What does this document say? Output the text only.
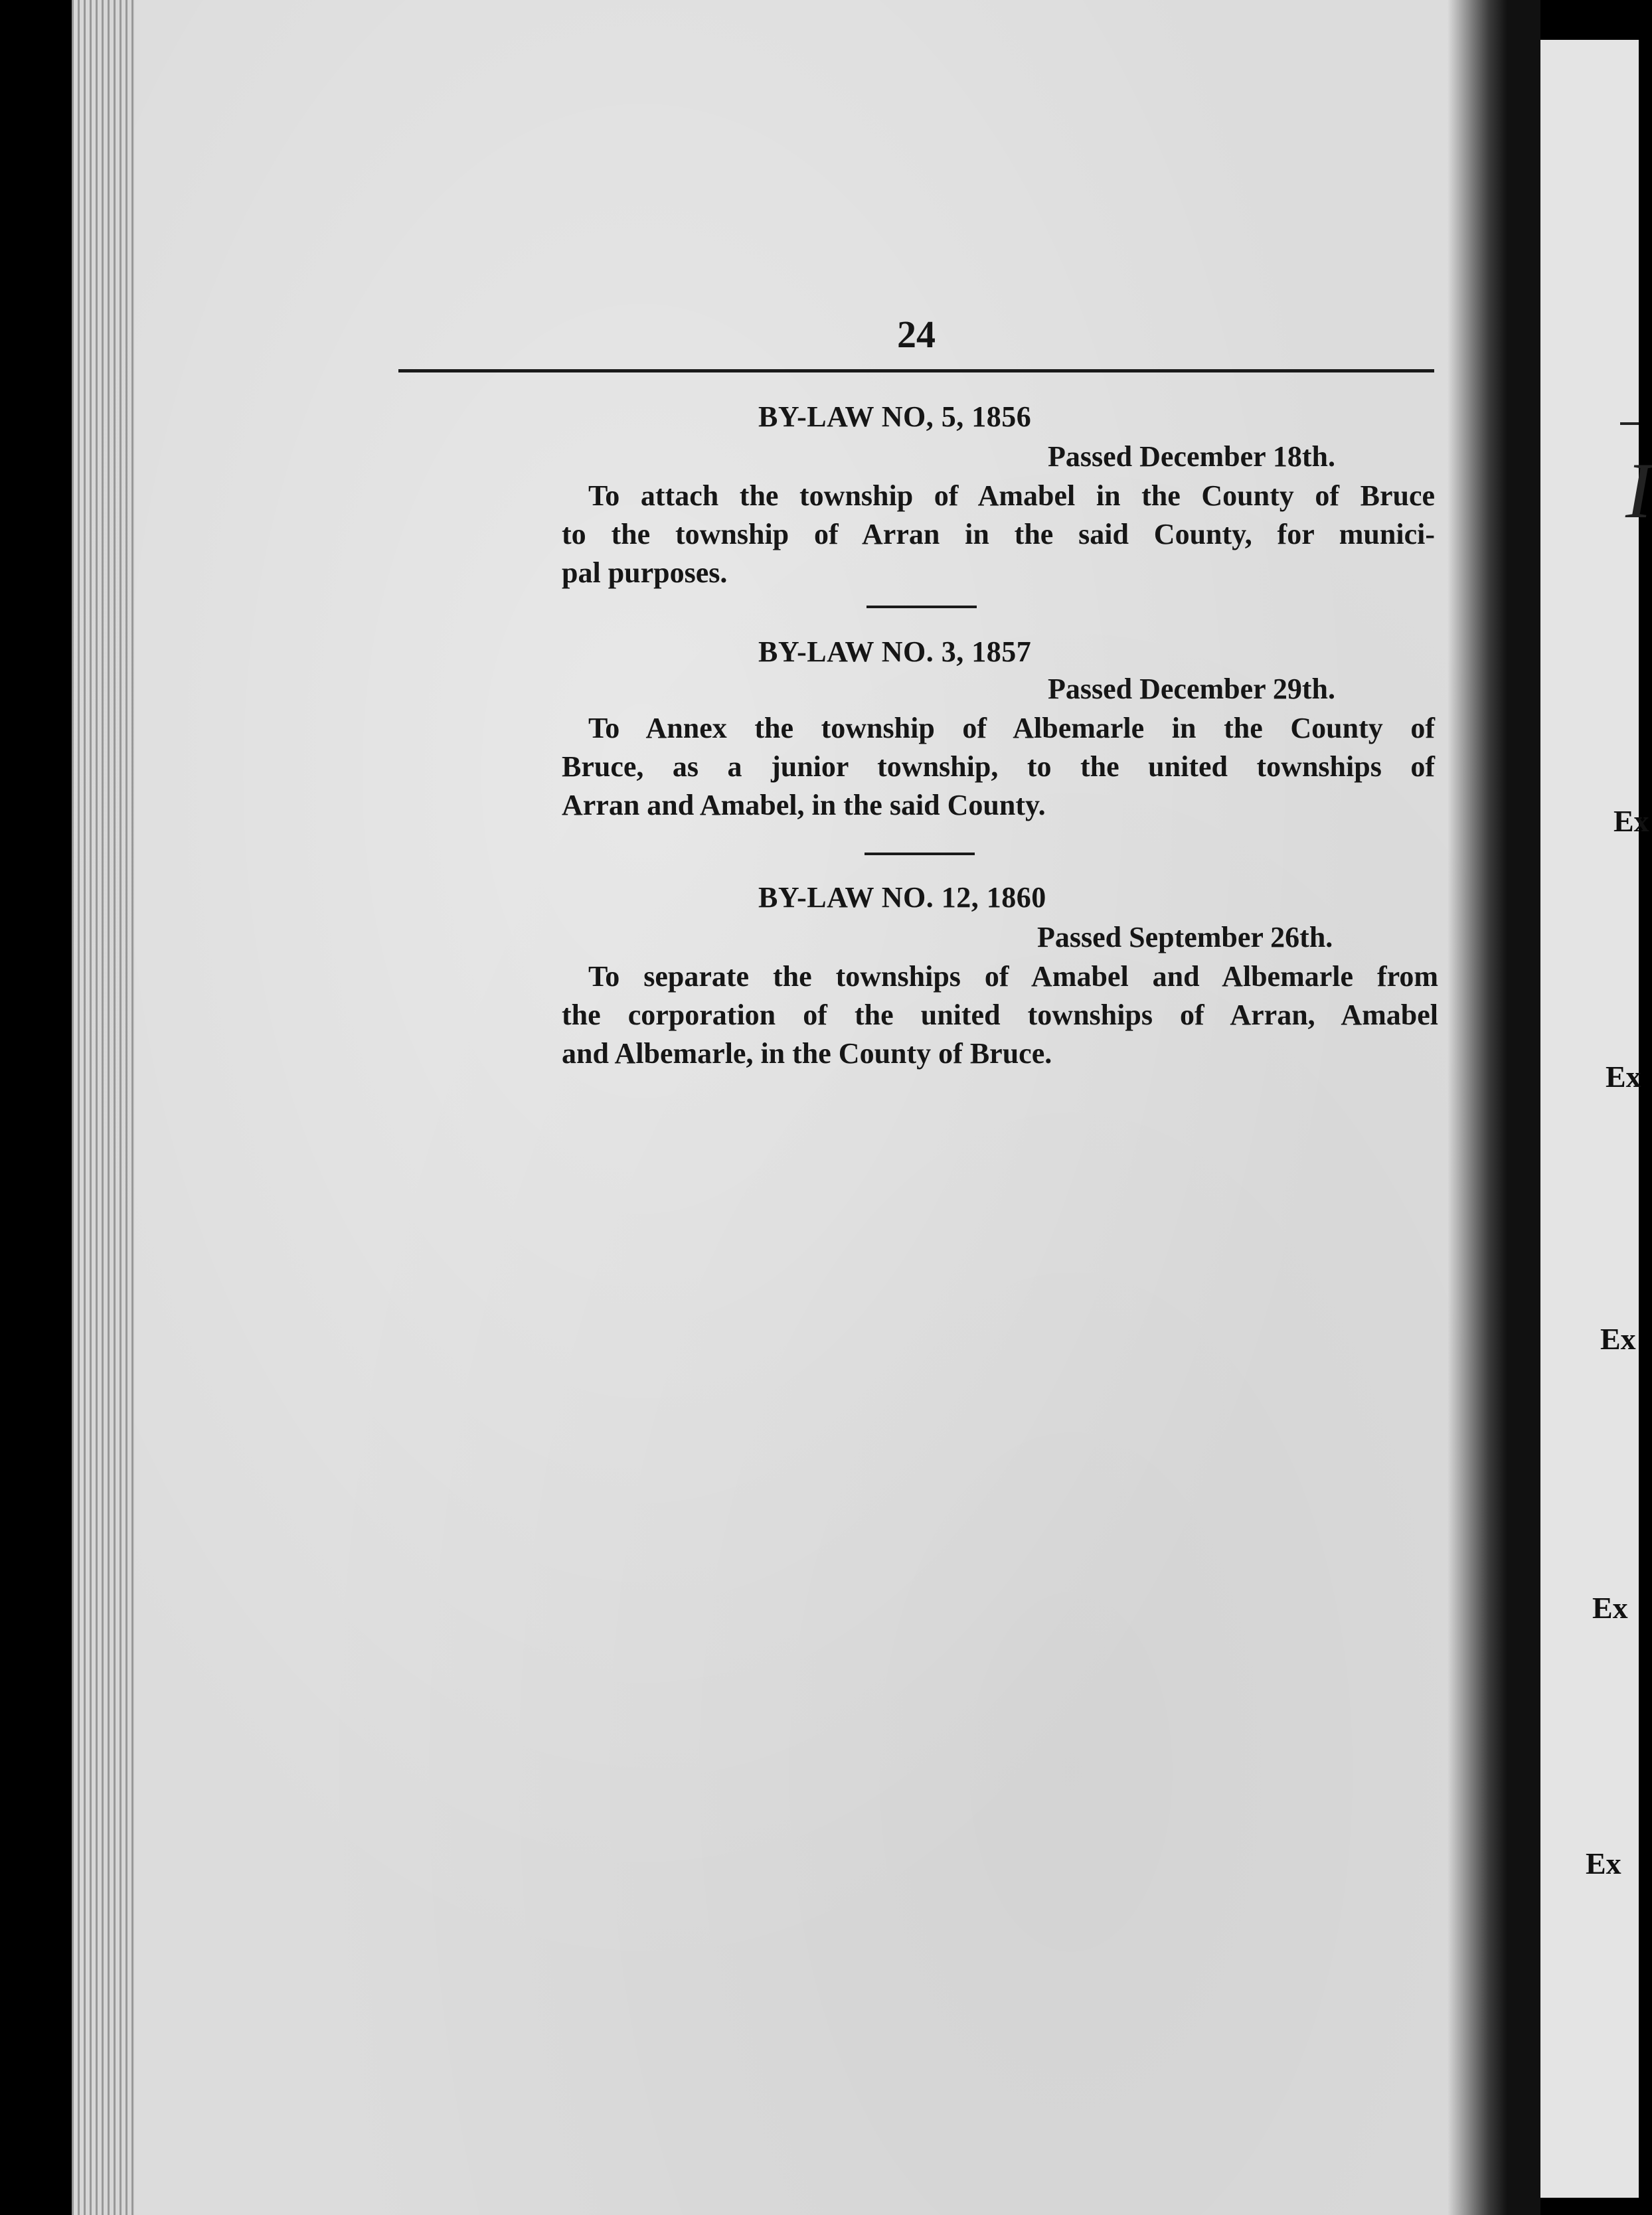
I
Ex
Ex
Ex
Ex
Ex
24
BY-LAW NO, 5, 1856
Passed December 18th.
To attach the township of Amabel in the County of Bruce
to the township of Arran in the said County, for munici-
pal purposes.
BY-LAW NO. 3, 1857
Passed December 29th.
To Annex the township of Albemarle in the County of
Bruce, as a junior township, to the united townships of
Arran and Amabel, in the said County.
BY-LAW NO. 12, 1860
Passed September 26th.
To separate the townships of Amabel and Albemarle from
the corporation of the united townships of Arran, Amabel
and Albemarle, in the County of Bruce.
